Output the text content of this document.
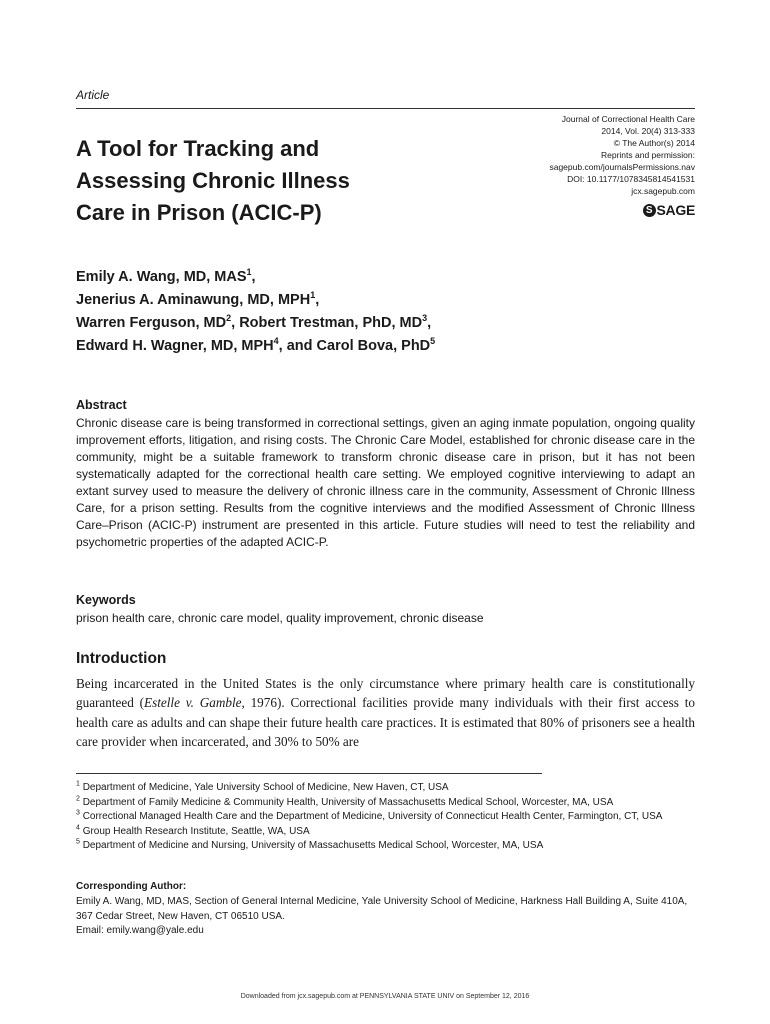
Article
A Tool for Tracking and
Assessing Chronic Illness
Care in Prison (ACIC-P)
Journal of Correctional Health Care
2014, Vol. 20(4) 313-333
© The Author(s) 2014
Reprints and permission:
sagepub.com/journalsPermissions.nav
DOI: 10.1177/1078345814541531
jcx.sagepub.com
S SAGE
Emily A. Wang, MD, MAS$^1$,
Jenerius A. Aminawung, MD, MPH$^1$,
Warren Ferguson, $MD^2$, Robert Trestman, PhD, $MD^3$,
Edward H. Wagner, MD, MPH$^4$, and Carol Bova, PhD$^5$
Abstract
Chronic disease care is being transformed in correctional settings, given an aging inmate population, ongoing quality improvement efforts, litigation, and rising costs. The Chronic Care Model, established for chronic disease care in the community, might be a suitable framework to transform chronic disease care in prison, but it has not been systematically adapted for the correctional health care setting. We employed cognitive interviewing to adapt an extant survey used to measure the delivery of chronic illness care in the community, Assessment of Chronic Illness Care, for a prison setting. Results from the cognitive interviews and the modified Assessment of Chronic Illness Care–Prison (ACIC-P) instrument are presented in this article. Future studies will need to test the reliability and psychometric properties of the adapted ACIC-P.
Keywords
prison health care, chronic care model, quality improvement, chronic disease
Introduction
Being incarcerated in the United States is the only circumstance where primary health care is constitutionally guaranteed (Estelle v. Gamble, 1976). Correctional facilities provide many individuals with their first access to health care as adults and can shape their future health care practices. It is estimated that 80% of prisoners see a health care provider when incarcerated, and 30% to 50% are
$^1$ Department of Medicine, Yale University School of Medicine, New Haven, CT, USA
$^2$ Department of Family Medicine & Community Health, University of Massachusetts Medical School, Worcester, MA, USA
$^3$ Correctional Managed Health Care and the Department of Medicine, University of Connecticut Health Center, Farmington, CT, USA
$^4$ Group Health Research Institute, Seattle, WA, USA
$^5$ Department of Medicine and Nursing, University of Massachusetts Medical School, Worcester, MA, USA
Corresponding Author:
Emily A. Wang, MD, MAS, Section of General Internal Medicine, Yale University School of Medicine, Harkness Hall Building A, Suite 410A, 367 Cedar Street, New Haven, CT 06510 USA.
Email: emily.wang@yale.edu
Downloaded from jcx.sagepub.com at PENNSYLVANIA STATE UNIV on September 12, 2016
